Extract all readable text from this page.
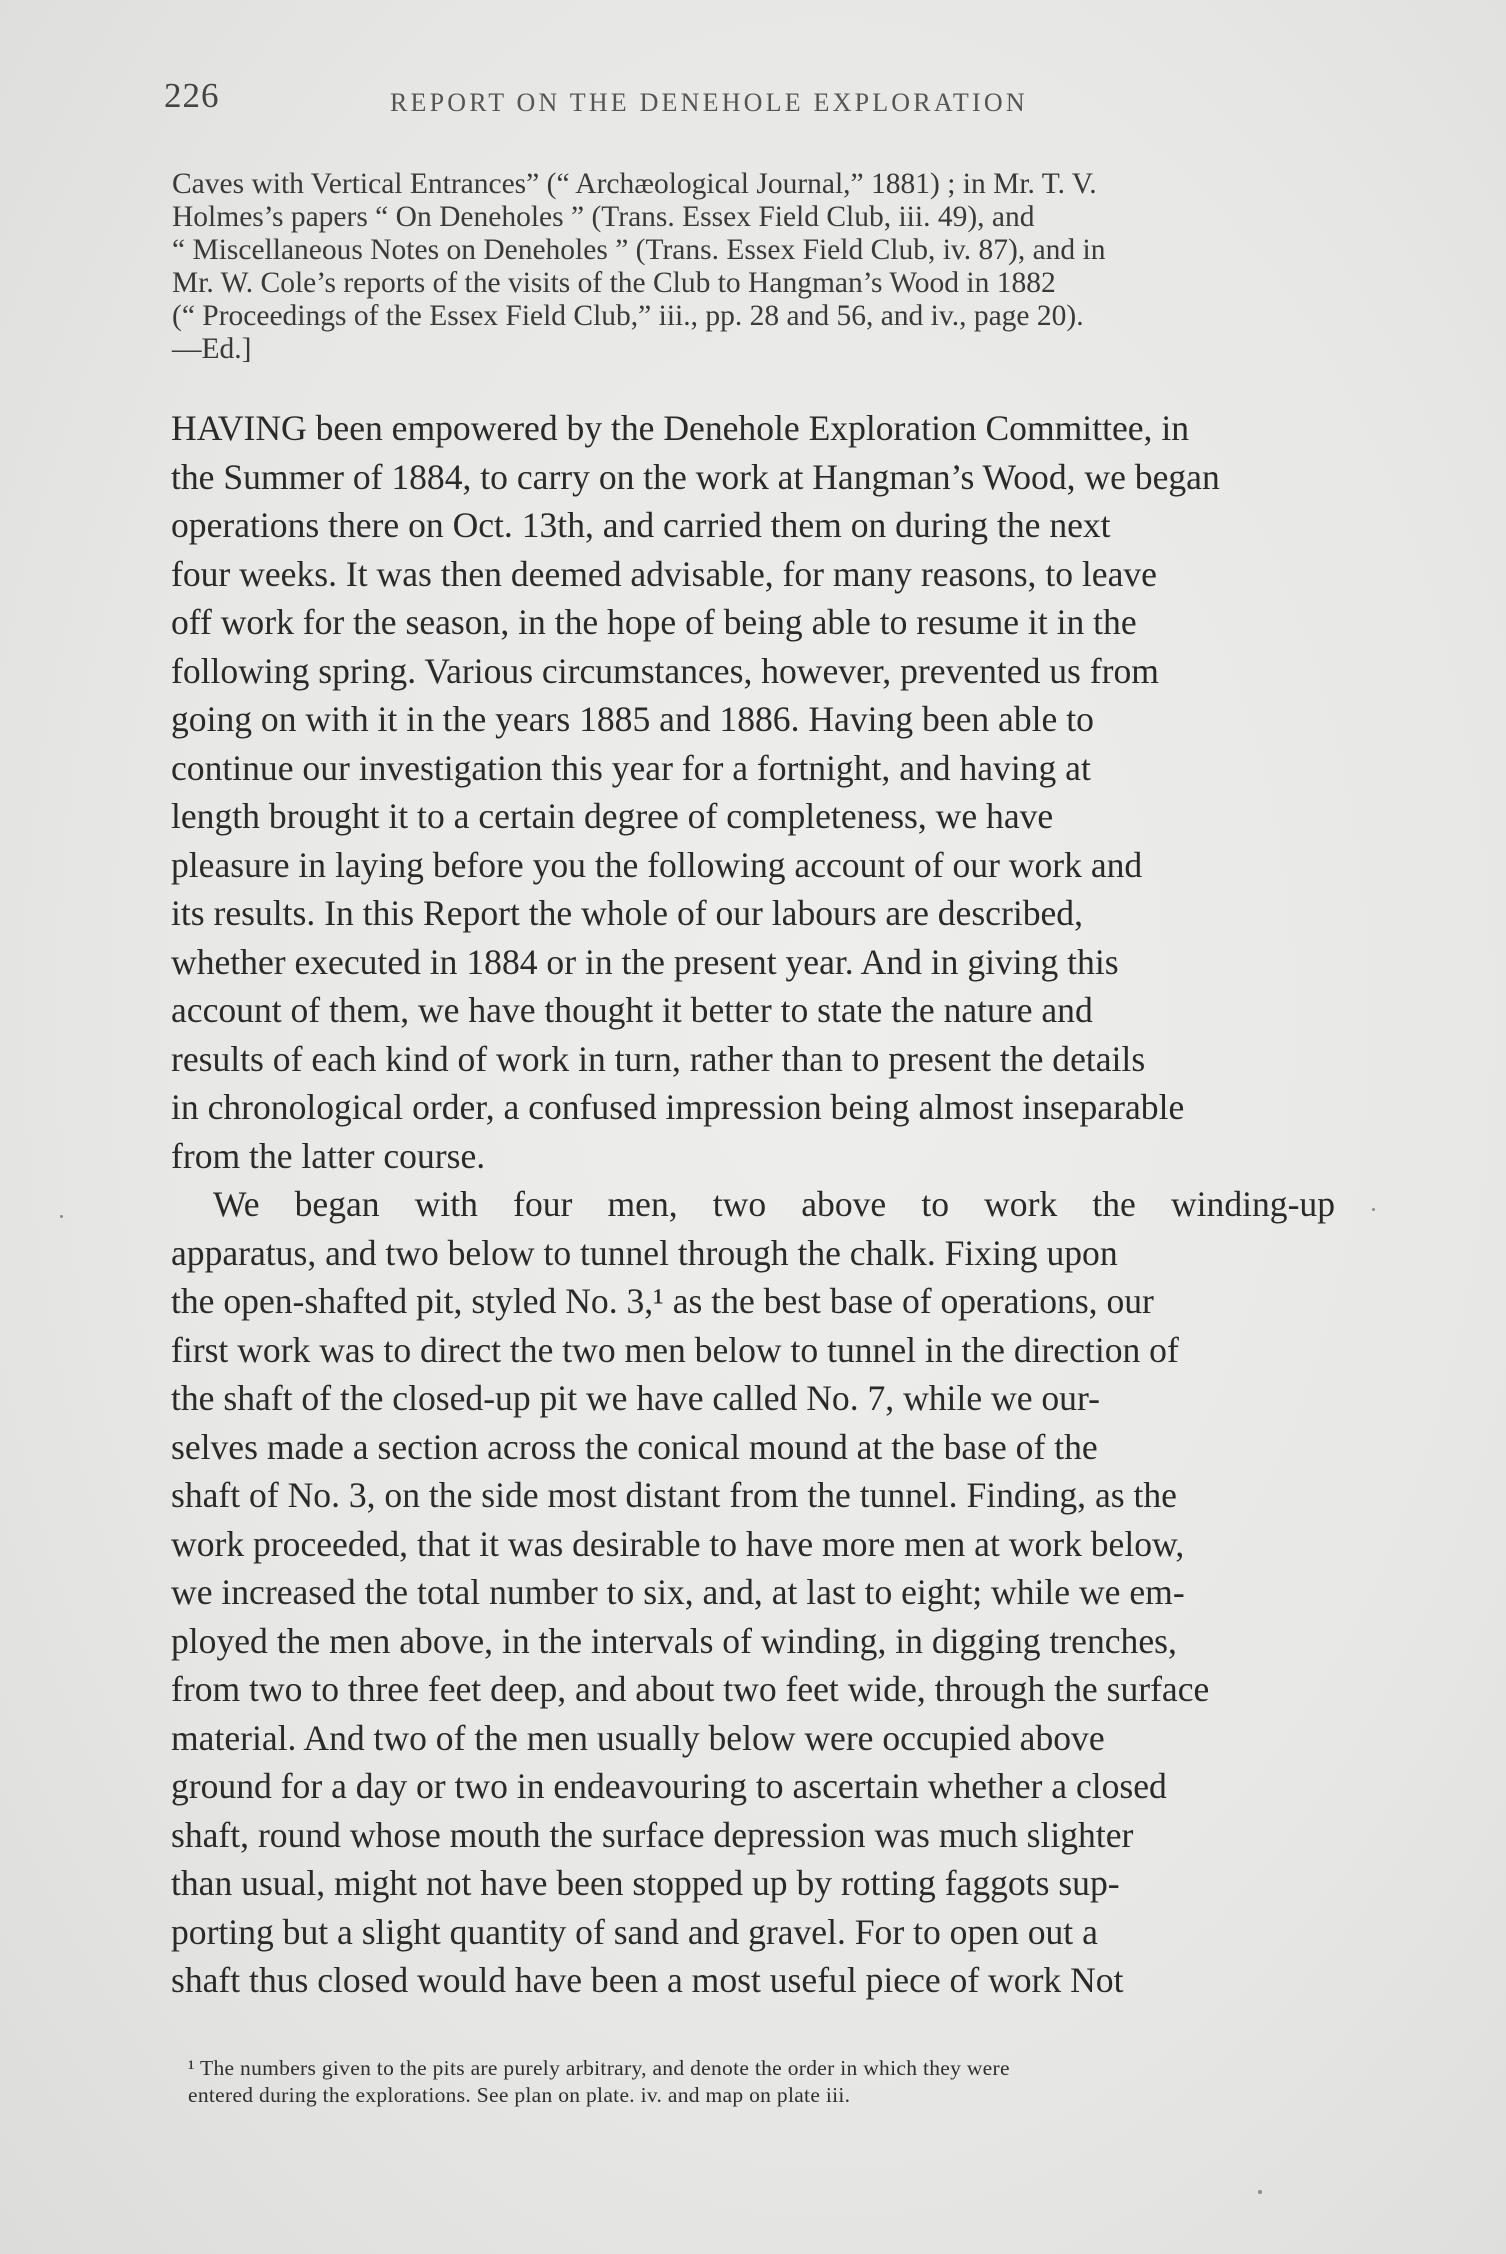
226	REPORT ON THE DENEHOLE EXPLORATION
Caves with Vertical Entrances” (“ Archæological Journal,” 1881) ; in Mr. T. V.
Holmes’s papers “ On Deneholes ” (Trans. Essex Field Club, iii. 49), and
“ Miscellaneous Notes on Deneholes ” (Trans. Essex Field Club, iv. 87), and in
Mr. W. Cole’s reports of the visits of the Club to Hangman’s Wood in 1882
(“ Proceedings of the Essex Field Club,” iii., pp. 28 and 56, and iv., page 20).
—Ed.]
HAVING been empowered by the Denehole Exploration Committee, in
the Summer of 1884, to carry on the work at Hangman’s Wood, we began
operations there on Oct. 13th, and carried them on during the next
four weeks. It was then deemed advisable, for many reasons, to leave
off work for the season, in the hope of being able to resume it in the
following spring. Various circumstances, however, prevented us from
going on with it in the years 1885 and 1886. Having been able to
continue our investigation this year for a fortnight, and having at
length brought it to a certain degree of completeness, we have
pleasure in laying before you the following account of our work and
its results. In this Report the whole of our labours are described,
whether executed in 1884 or in the present year. And in giving this
account of them, we have thought it better to state the nature and
results of each kind of work in turn, rather than to present the details
in chronological order, a confused impression being almost inseparable
from the latter course.
We began with four men, two above to work the winding-up
apparatus, and two below to tunnel through the chalk. Fixing upon
the open-shafted pit, styled No. 3,¹ as the best base of operations, our
first work was to direct the two men below to tunnel in the direction of
the shaft of the closed-up pit we have called No. 7, while we our-
selves made a section across the conical mound at the base of the
shaft of No. 3, on the side most distant from the tunnel. Finding, as the
work proceeded, that it was desirable to have more men at work below,
we increased the total number to six, and, at last to eight; while we em-
ployed the men above, in the intervals of winding, in digging trenches,
from two to three feet deep, and about two feet wide, through the surface
material. And two of the men usually below were occupied above
ground for a day or two in endeavouring to ascertain whether a closed
shaft, round whose mouth the surface depression was much slighter
than usual, might not have been stopped up by rotting faggots sup-
porting but a slight quantity of sand and gravel. For to open out a
shaft thus closed would have been a most useful piece of work Not
¹ The numbers given to the pits are purely arbitrary, and denote the order in which they were
entered during the explorations. See plan on plate. iv. and map on plate iii.
